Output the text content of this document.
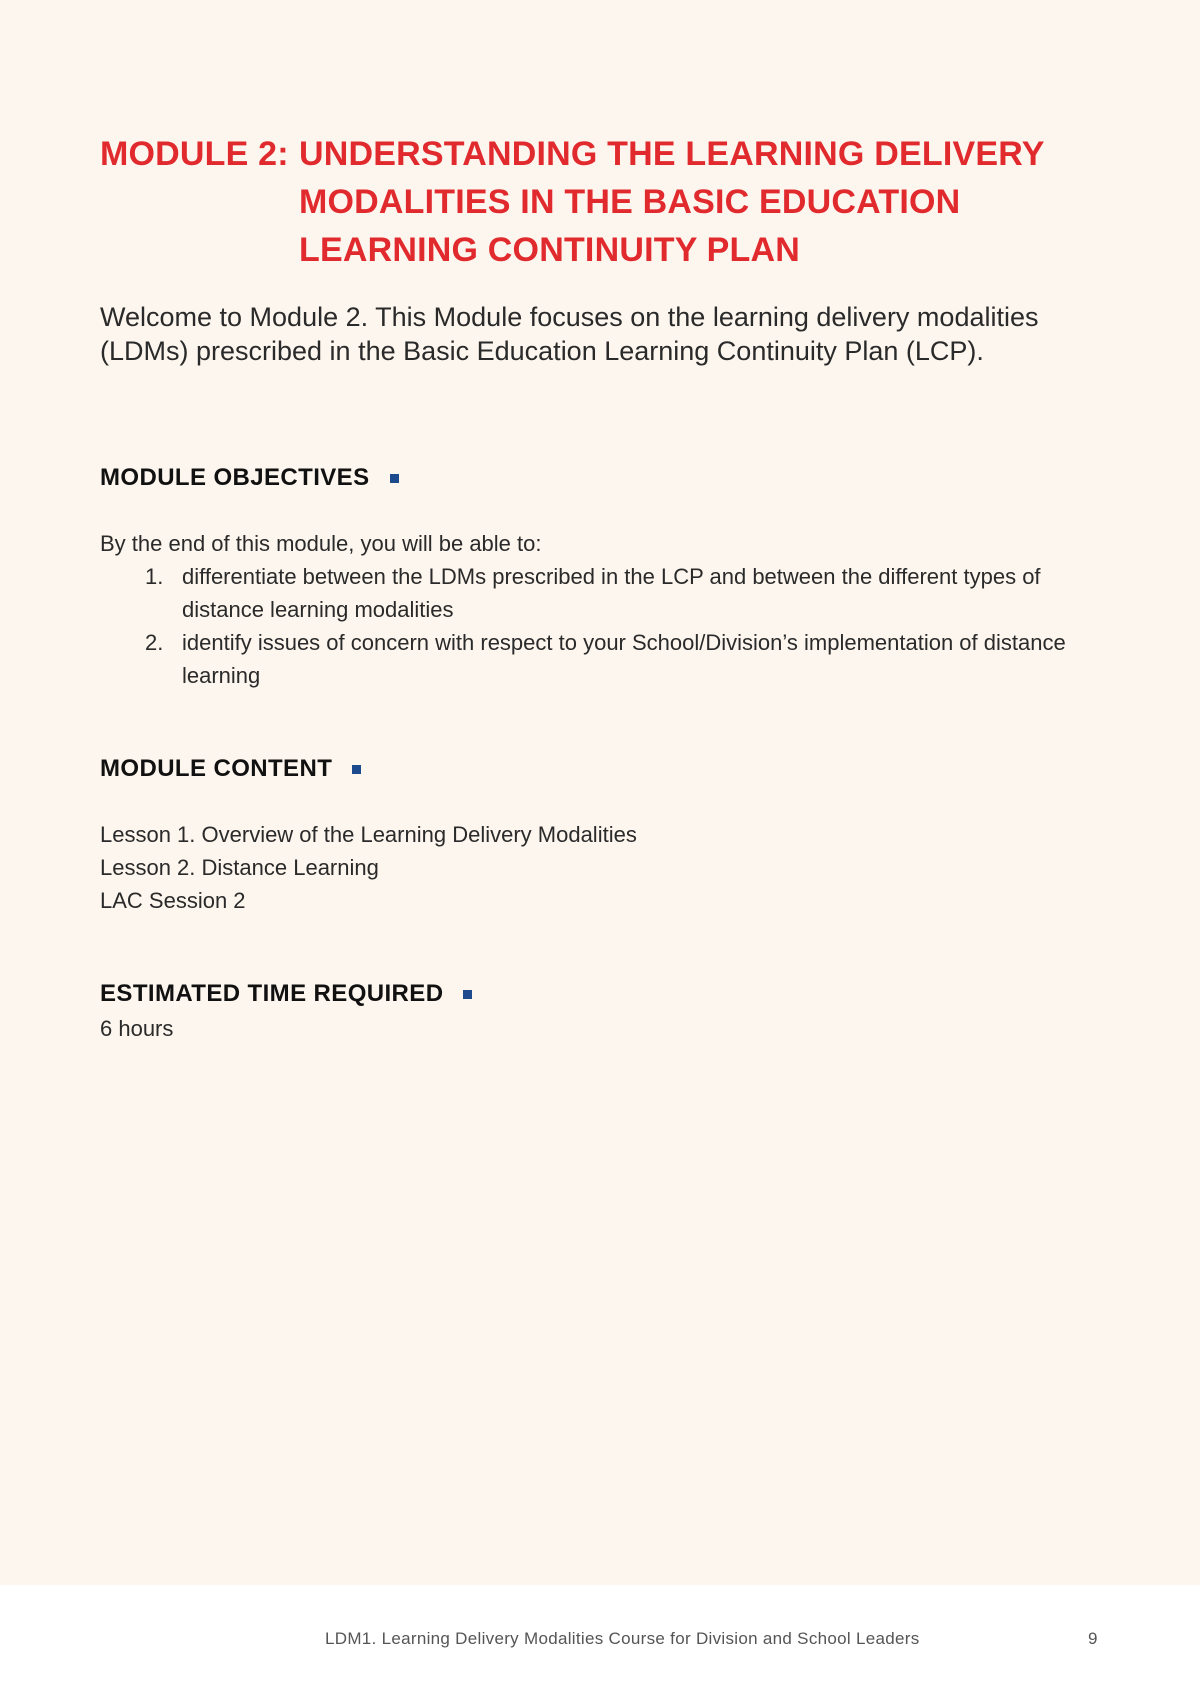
MODULE 2: UNDERSTANDING THE LEARNING DELIVERY
MODALITIES IN THE BASIC EDUCATION
LEARNING CONTINUITY PLAN
Welcome to Module 2. This Module focuses on the learning delivery modalities (LDMs) prescribed in the Basic Education Learning Continuity Plan (LCP).
MODULE OBJECTIVES
By the end of this module, you will be able to:
1. differentiate between the LDMs prescribed in the LCP and between the different types of distance learning modalities
2. identify issues of concern with respect to your School/Division’s implementation of distance learning
MODULE CONTENT
Lesson 1. Overview of the Learning Delivery Modalities
Lesson 2. Distance Learning
LAC Session 2
ESTIMATED TIME REQUIRED
6 hours
LDM1. Learning Delivery Modalities Course for Division and School Leaders	9
